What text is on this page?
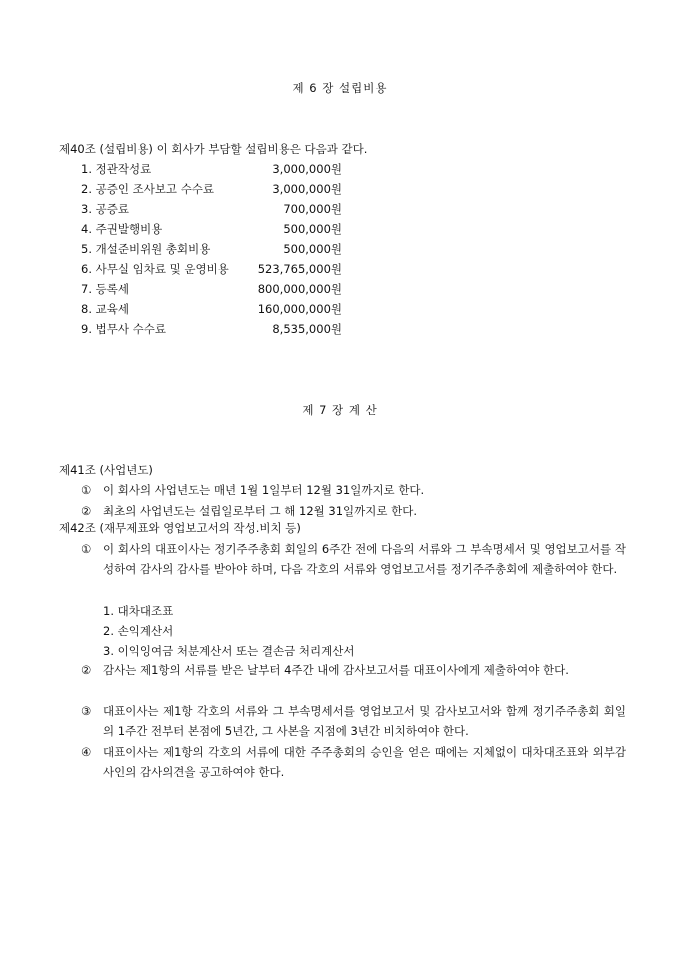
제 6 장 설립비용
제40조 (설립비용) 이 회사가 부담할 설립비용은 다음과 같다.
1. 정관작성료	3,000,000원
2. 공증인 조사보고 수수료	3,000,000원
3. 공증료	700,000원
4. 주권발행비용	500,000원
5. 개설준비위원 총회비용	500,000원
6. 사무실 임차료 및 운영비용	523,765,000원
7. 등록세	800,000,000원
8. 교육세	160,000,000원
9. 법무사 수수료	8,535,000원
제 7 장 계 산
제41조 (사업년도)
① 이 회사의 사업년도는 매년 1월 1일부터 12월 31일까지로 한다.
② 최초의 사업년도는 설립일로부터 그 해 12월 31일까지로 한다.
제42조 (재무제표와 영업보고서의 작성.비치 등)
① 이 회사의 대표이사는 정기주주총회 회일의 6주간 전에 다음의 서류와 그 부속명세서 및 영업보고서를 작성하여 감사의 감사를 받아야 하며, 다음 각호의 서류와 영업보고서를 정기주주총회에 제출하여야 한다.
1. 대차대조표
2. 손익계산서
3. 이익잉여금 처분계산서 또는 결손금 처리계산서
② 감사는 제1항의 서류를 받은 날부터 4주간 내에 감사보고서를 대표이사에게 제출하여야 한다.
③ 대표이사는 제1항 각호의 서류와 그 부속명세서를 영업보고서 및 감사보고서와 함께 정기주주총회 회일의 1주간 전부터 본점에 5년간, 그 사본을 지점에 3년간 비치하여야 한다.
④ 대표이사는 제1항의 각호의 서류에 대한 주주총회의 승인을 얻은 때에는 지체없이 대차대조표와 외부감사인의 감사의견을 공고하여야 한다.
